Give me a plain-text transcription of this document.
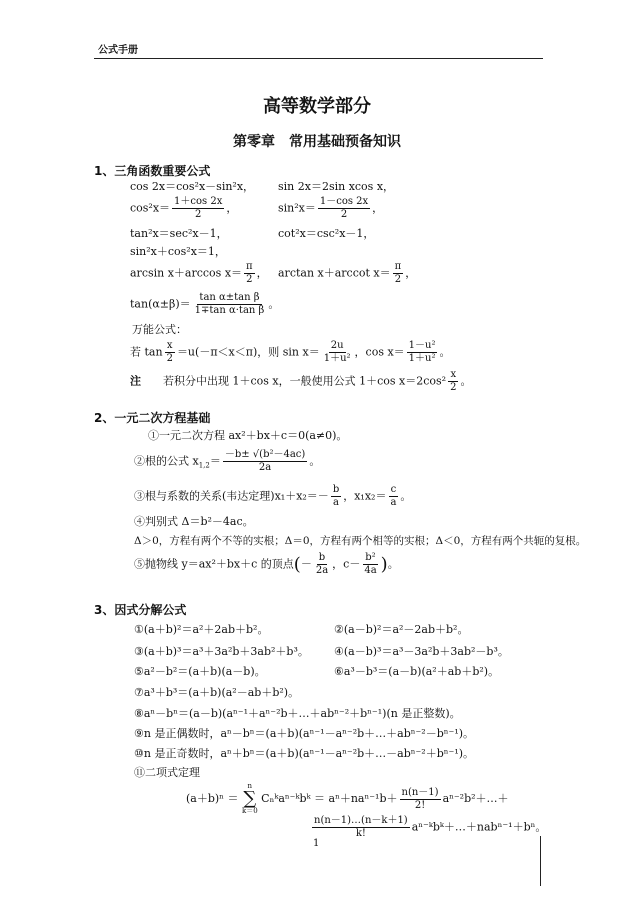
公式手册
高等数学部分
第零章　常用基础预备知识
1、三角函数重要公式
cos 2x＝cos²x－sin²x， sin 2x＝2sin xcos x，
$\cos^2x= \frac{1+\cos 2x}{2}$ ，	$\sin^2x= \frac{1-\cos 2x}{2}$ ，
tan²x＝sec²x－1，	cot²x＝csc²x－1，
sin²x＋cos²x＝1，
arcsin x＋arccos $x= \frac{\pi}{2}$ ， arctan x＋arccot $x= \frac{\pi}{2}$ ，
$\tan(\alpha\pm\beta)= \frac{\text{tan α±tan β}}{\text{1∓tan α·tan β}}$ 。
万能公式：
若 $\tan \frac{x}{2} =u(-\pi<x<\pi)$，则 $\sin x= \frac{2u}{\text{1＋u²}}$ ，$\cos x= \frac{\text{1－u²}}{\text{1＋u²}}$ 。
注　　 若积分中出现 1＋cos x，一般使用公式 1＋cos $x=2\cos^2 \frac{x}{2}$ 。
2、一元二次方程基础
①一元二次方程 ax²＋bx＋c＝0(a≠0)。
②根的公式 $x_{1,2}= \frac{\text{－b± √(b²－4ac)}}{2a}$ 。
③根与系数的关系(韦达定理)$x_1+x_2=- \frac{b}{a}$ ，$x_1x_2= \frac{c}{a}$ 。
④判别式 Δ＝b²－4ac。
Δ＞0，方程有两个不等的实根；Δ＝0，方程有两个相等的实根；Δ＜0，方程有两个共轭的复根。
⑤抛物线 y＝ax²＋bx＋c 的顶点(－ $\frac{b}{2a}$ ，$c- \frac{\text{b²}}{4a}$ )。
3、因式分解公式
①(a＋b)²＝a²＋2ab＋b²。	②(a－b)²＝a²－2ab＋b²。
③(a＋b)³＝a³＋3a²b＋3ab²＋b³。 ④(a－b)³＝a³－3a²b＋3ab²－b³。
⑤a²－b²＝(a＋b)(a－b)。	⑥a³－b³＝(a－b)(a²＋ab＋b²)。
⑦a³＋b³＝(a＋b)(a²－ab＋b²)。
⑧aⁿ－bⁿ＝(a－b)(aⁿ⁻¹＋aⁿ⁻²b＋…＋abⁿ⁻²＋bⁿ⁻¹)(n 是正整数)。
⑨n 是正偶数时，aⁿ－bⁿ＝(a＋b)(aⁿ⁻¹－aⁿ⁻²b＋…＋abⁿ⁻²－bⁿ⁻¹)。
⑩n 是正奇数时，aⁿ＋bⁿ＝(a＋b)(aⁿ⁻¹－aⁿ⁻²b＋…－abⁿ⁻²＋bⁿ⁻¹)。
⑪二项式定理
(a＋b)ⁿ ＝
n
∑
k＝0
Cₙᵏaⁿ⁻ᵏbᵏ ＝ $a^n+na^{n-1}b+ \frac{n(n-1)}{2!}$ aⁿ⁻²b²＋…＋
$\frac{n(n-1)\dots(n-k+1)}{k!}$ aⁿ⁻ᵏbᵏ＋…＋nabⁿ⁻¹＋bⁿ。
1
